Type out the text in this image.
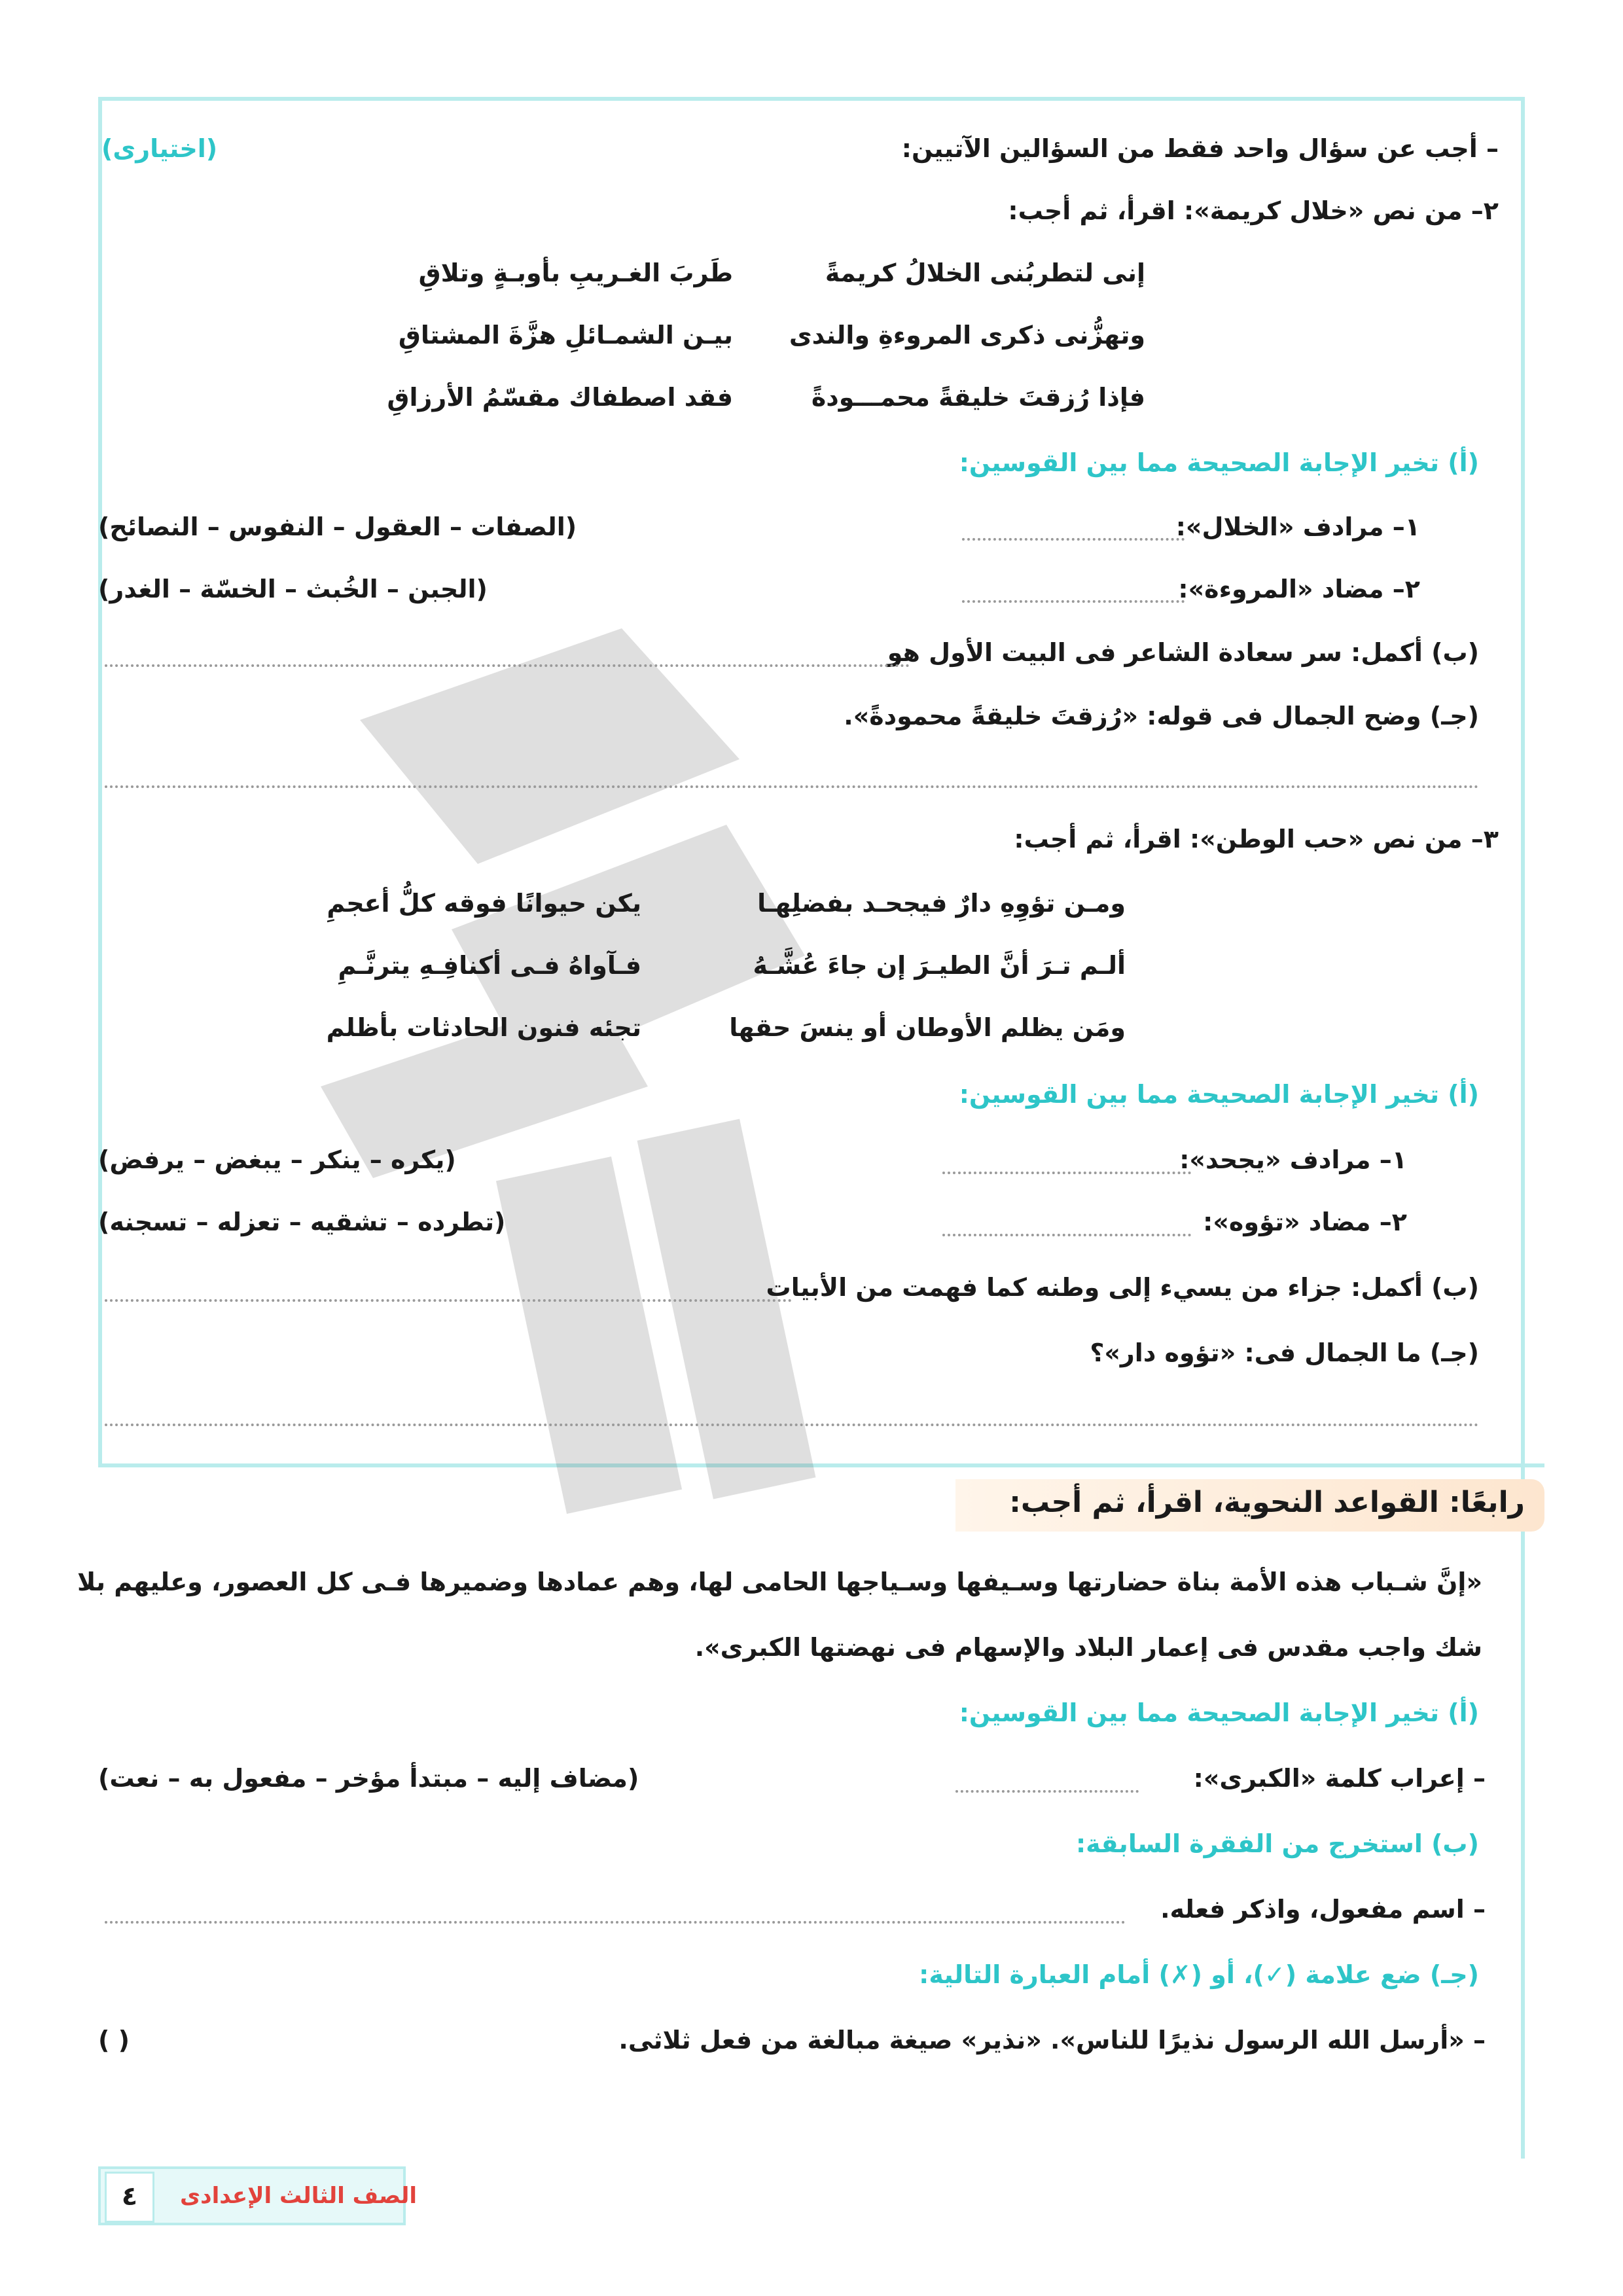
– أجب عن سؤال واحد فقط من السؤالين الآتيين:
(اختيارى)
٢– من نص «خلال كريمة»: اقرأ، ثم أجب:
إنى لتطربُنى الخلالُ كريمةً
طَربَ الغـريبِ بأوبـةٍ وتلاقِ
وتهزُّنى ذكرى المروءةِ والندى
بيـن الشمـائلِ هزَّةَ المشتاقِ
فإذا رُزقتَ خليقةً محمـــودةً
فقد اصطفاك مقسّمُ الأرزاقِ
(أ) تخير الإجابة الصحيحة مما بين القوسين:
١– مرادف «الخلال»:
(الصفات – العقول – النفوس – النصائح)
٢– مضاد «المروءة»:
(الجبن – الخُبث – الخسّة – الغدر)
(ب) أكمل: سر سعادة الشاعر فى البيت الأول هو
(جـ) وضح الجمال فى قوله: «رُزقتَ خليقةً محمودةً».
٣– من نص «حب الوطن»: اقرأ، ثم أجب:
ومـن تؤوِهِ دارٌ فيجحـد بفضلِهـا
يكن حيوانًا فوقه كلُّ أعجمِ
ألـم تـرَ أنَّ الطيـرَ إن جاءَ عُشَّـهُ
فـآواهُ فـى أكنافِـهِ يترنَّـمِ
ومَن يظلم الأوطان أو ينسَ حقها
تجئه فنون الحادثات بأظلم
(أ) تخير الإجابة الصحيحة مما بين القوسين:
١– مرادف «يجحد»:
(يكره – ينكر – يبغض – يرفض)
٢– مضاد «تؤوه»:
(تطرده – تشقيه – تعزله – تسجنه)
(ب) أكمل: جزاء من يسيء إلى وطنه كما فهمت من الأبيات
(جـ) ما الجمال فى: «تؤوه دار»؟
رابعًا: القواعد النحوية، اقرأ، ثم أجب:
«إنَّ شـباب هذه الأمة بناة حضارتها وسـيفها وسـياجها الحامى لها، وهم عمادها وضميرها فـى كل العصور، وعليهم بلا
شك واجب مقدس فى إعمار البلاد والإسهام فى نهضتها الكبرى».
(أ) تخير الإجابة الصحيحة مما بين القوسين:
– إعراب كلمة «الكبرى»:
(مضاف إليه – مبتدأ مؤخر – مفعول به – نعت)
(ب) استخرج من الفقرة السابقة:
– اسم مفعول، واذكر فعله.
(جـ) ضع علامة (✓)، أو (✗) أمام العبارة التالية:
– «أرسل الله الرسول نذيرًا للناس». «نذير» صيغة مبالغة من فعل ثلاثى.
( )
٤	الصف الثالث الإعدادى
